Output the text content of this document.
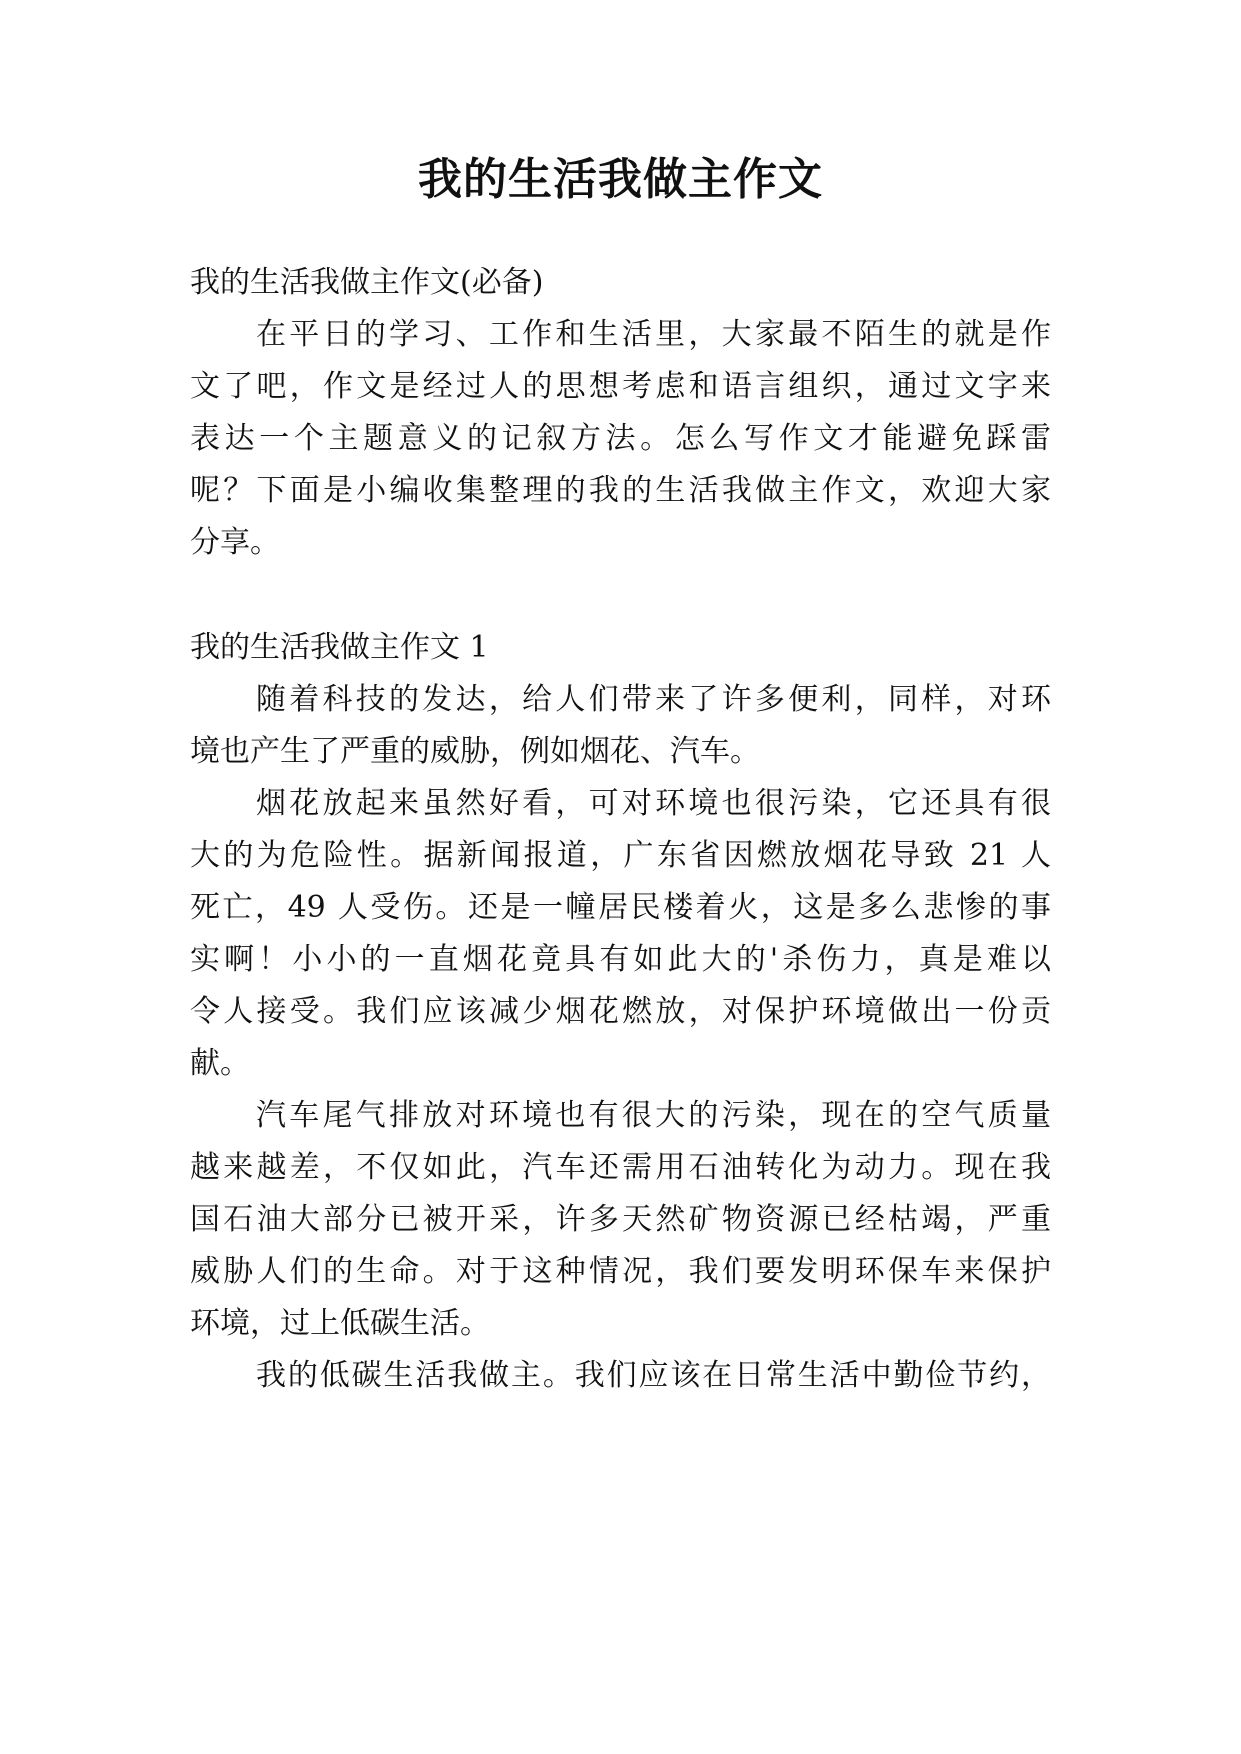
我的生活我做主作文

我的生活我做主作文(必备)

在平日的学习、工作和生活里，大家最不陌生的就是作

文了吧，作文是经过人的思想考虑和语言组织，通过文字来

表达一个主题意义的记叙方法。怎么写作文才能避免踩雷

呢？下面是小编收集整理的我的生活我做主作文，欢迎大家

分享。

我的生活我做主作文 1

随着科技的发达，给人们带来了许多便利，同样，对环

境也产生了严重的威胁，例如烟花、汽车。

烟花放起来虽然好看，可对环境也很污染，它还具有很

大的为危险性。据新闻报道，广东省因燃放烟花导致 21 人

死亡，49 人受伤。还是一幢居民楼着火，这是多么悲惨的事

实啊！小小的一直烟花竟具有如此大的'杀伤力，真是难以

令人接受。我们应该减少烟花燃放，对保护环境做出一份贡

献。

汽车尾气排放对环境也有很大的污染，现在的空气质量

越来越差，不仅如此，汽车还需用石油转化为动力。现在我

国石油大部分已被开采，许多天然矿物资源已经枯竭，严重

威胁人们的生命。对于这种情况，我们要发明环保车来保护

环境，过上低碳生活。

我的低碳生活我做主。我们应该在日常生活中勤俭节约，
